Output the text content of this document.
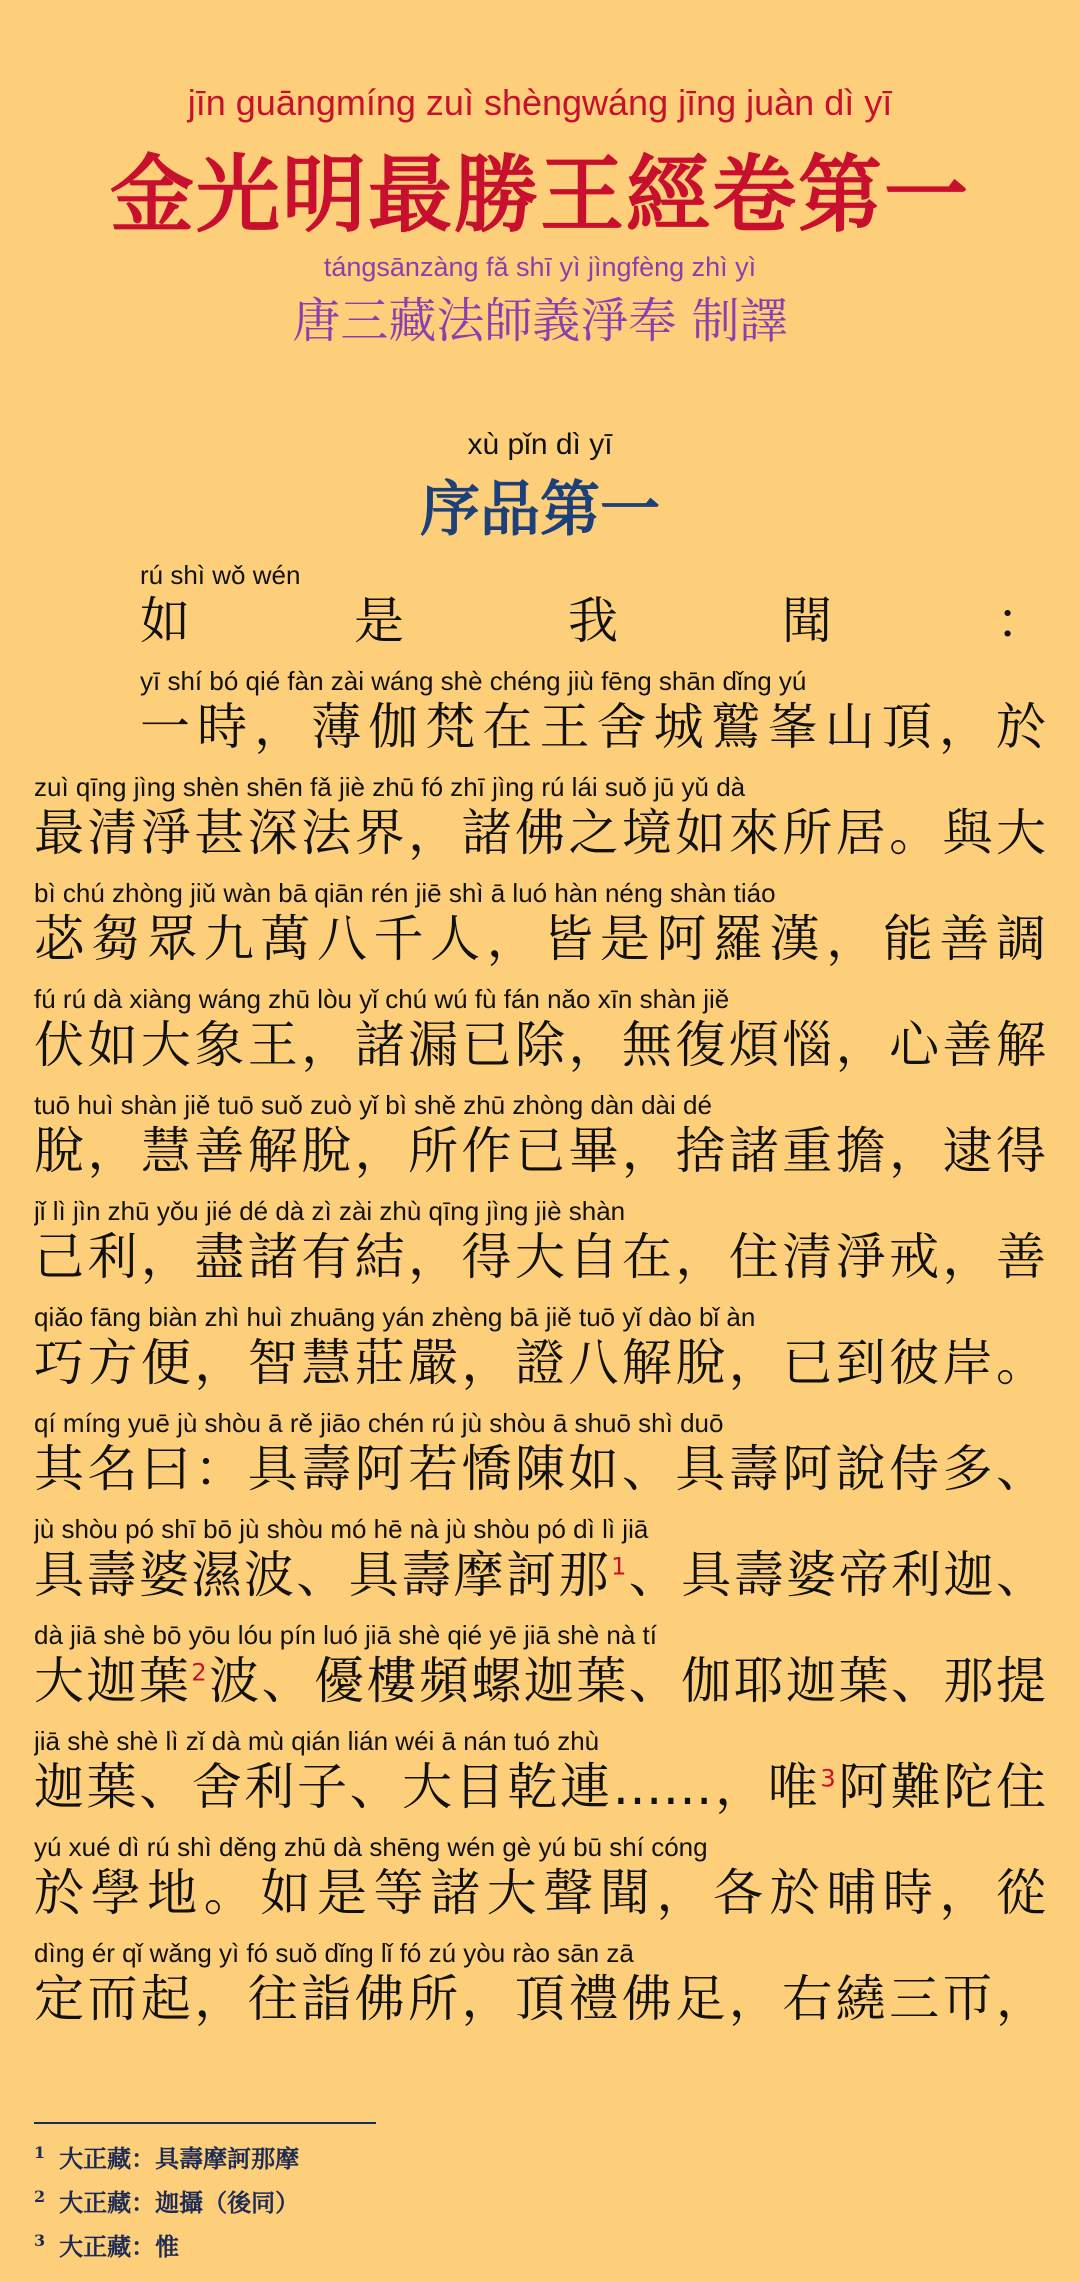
jīn guāngmíng zuì shèngwáng jīng juàn dì yī
金光明最勝王經卷第一
tángsānzàng fǎ shī yì jìngfèng zhì yì
唐三藏法師義淨奉 制譯
xù pǐn dì yī
序品第一
rú shì wǒ wén
如是我聞：
yī shí bó qié fàn zài wáng shè chéng jiù fēng shān dǐng yú
一時，薄伽梵在王舍城鷲峯山頂，於
zuì qīng jìng shèn shēn fǎ jiè zhū fó zhī jìng rú lái suǒ jū yǔ dà
最清淨甚深法界，諸佛之境如來所居。與大
bì chú zhòng jiǔ wàn bā qiān rén jiē shì ā luó hàn néng shàn tiáo
苾芻眾九萬八千人，皆是阿羅漢，能善調
fú rú dà xiàng wáng zhū lòu yǐ chú wú fù fán nǎo xīn shàn jiě
伏如大象王，諸漏已除，無復煩惱，心善解
tuō huì shàn jiě tuō suǒ zuò yǐ bì shě zhū zhòng dàn dài dé
脫，慧善解脫，所作已畢，捨諸重擔，逮得
jǐ lì jìn zhū yǒu jié dé dà zì zài zhù qīng jìng jiè shàn
己利，盡諸有結，得大自在，住清淨戒，善
qiǎo fāng biàn zhì huì zhuāng yán zhèng bā jiě tuō yǐ dào bǐ àn
巧方便，智慧莊嚴，證八解脫，已到彼岸。
qí míng yuē jù shòu ā rě jiāo chén rú jù shòu ā shuō shì duō
其名曰：具壽阿若憍陳如、具壽阿說侍多、
jù shòu pó shī bō jù shòu mó hē nà jù shòu pó dì lì jiā
具壽婆濕波、具壽摩訶那$^1$、具壽婆帝利迦、
dà jiā shè bō yōu lóu pín luó jiā shè qié yē jiā shè nà tí
大迦葉$^2$波、優樓頻螺迦葉、伽耶迦葉、那提
jiā shè shè lì zǐ dà mù qián lián wéi ā nán tuó zhù
迦葉、舍利子、大目乾連……，唯$^3$阿難陀住
yú xué dì rú shì děng zhū dà shēng wén gè yú bū shí cóng
於學地。如是等諸大聲聞，各於晡時，從
dìng ér qǐ wǎng yì fó suǒ dǐng lǐ fó zú yòu rào sān zā
定而起，往詣佛所，頂禮佛足，右繞三帀，
$^1$ 大正藏：具壽摩訶那摩
$^2$ 大正藏：迦攝（後同）
$^3$ 大正藏：惟
